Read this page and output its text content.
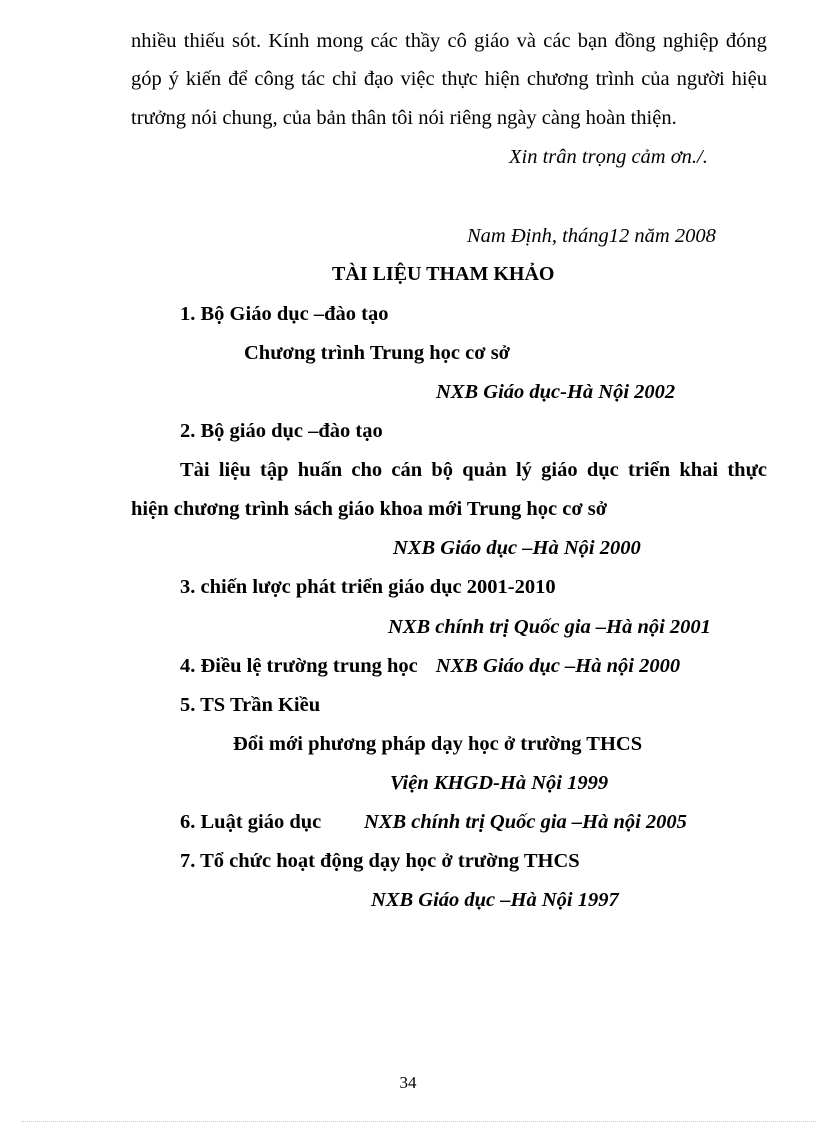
nhiều thiếu sót. Kính mong các thầy cô giáo và các bạn đồng nghiệp đóng
góp ý kiến để công tác chỉ đạo việc thực hiện chương trình của người hiệu
trưởng nói chung, của bản thân tôi nói riêng ngày càng hoàn thiện.
Xin trân trọng cảm ơn./.
Nam Định, tháng12 năm 2008
TÀI LIỆU THAM KHẢO
1. Bộ Giáo dục –đào tạo
Chương trình Trung học cơ sở
NXB Giáo dục-Hà Nội 2002
2. Bộ giáo dục –đào tạo
Tài liệu tập huấn cho cán bộ quản lý giáo dục triển khai thực
hiện chương trình sách giáo khoa mới Trung học cơ sở
NXB Giáo dục –Hà Nội 2000
3. chiến lược phát triển giáo dục 2001-2010
NXB chính trị Quốc gia –Hà nội 2001
4. Điều lệ trường trung học NXB Giáo dục –Hà nội 2000
5. TS Trần Kiều
Đổi mới phương pháp dạy học ở trường THCS
Viện KHGD-Hà Nội 1999
6. Luật giáo dục NXB chính trị Quốc gia –Hà nội 2005
7. Tổ chức hoạt động dạy học ở trường THCS
NXB Giáo dục –Hà Nội 1997
34
